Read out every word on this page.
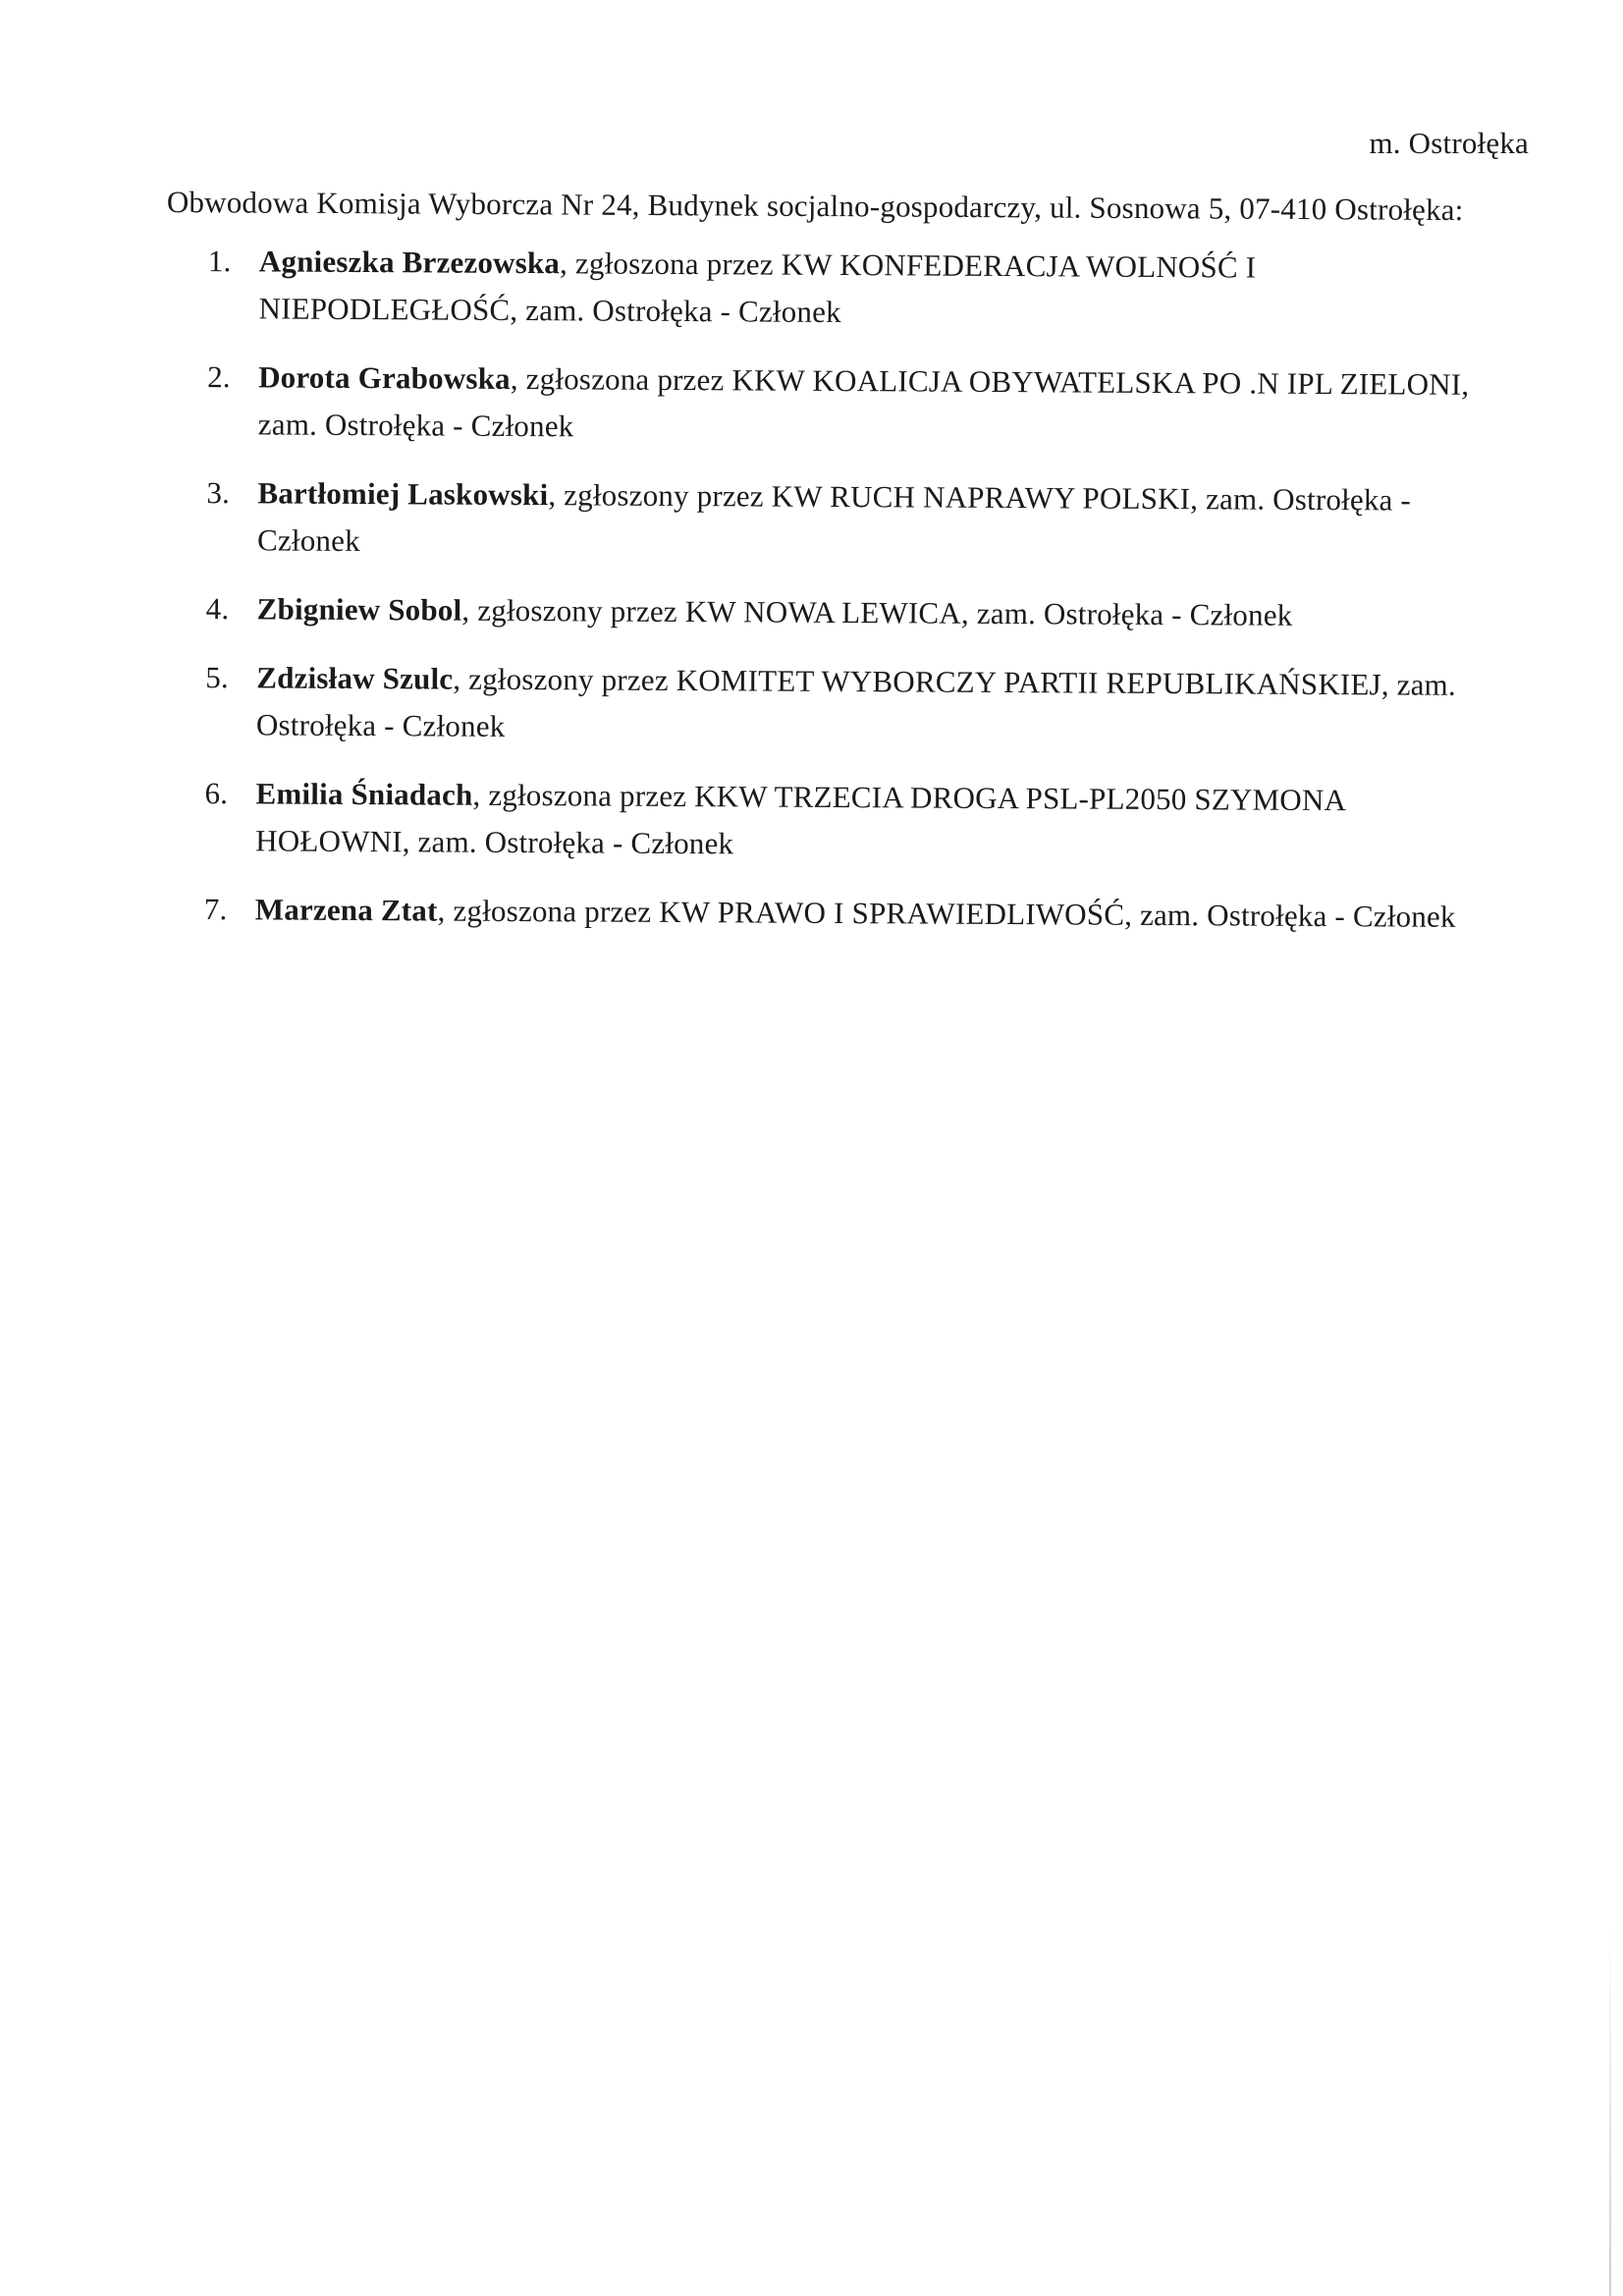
m. Ostrołęka
Obwodowa Komisja Wyborcza Nr 24, Budynek socjalno-gospodarczy, ul. Sosnowa 5, 07-410 Ostrołęka:
1. Agnieszka Brzezowska, zgłoszona przez KW KONFEDERACJA WOLNOŚĆ I NIEPODLEGŁOŚĆ, zam. Ostrołęka - Członek
2. Dorota Grabowska, zgłoszona przez KKW KOALICJA OBYWATELSKA PO .N IPL ZIELONI, zam. Ostrołęka - Członek
3. Bartłomiej Laskowski, zgłoszony przez KW RUCH NAPRAWY POLSKI, zam. Ostrołęka - Członek
4. Zbigniew Sobol, zgłoszony przez KW NOWA LEWICA, zam. Ostrołęka - Członek
5. Zdzisław Szulc, zgłoszony przez KOMITET WYBORCZY PARTII REPUBLIKAŃSKIEJ, zam. Ostrołęka - Członek
6. Emilia Śniadach, zgłoszona przez KKW TRZECIA DROGA PSL-PL2050 SZYMONA HOŁOWNI, zam. Ostrołęka - Członek
7. Marzena Ztat, zgłoszona przez KW PRAWO I SPRAWIEDLIWOŚĆ, zam. Ostrołęka - Członek
